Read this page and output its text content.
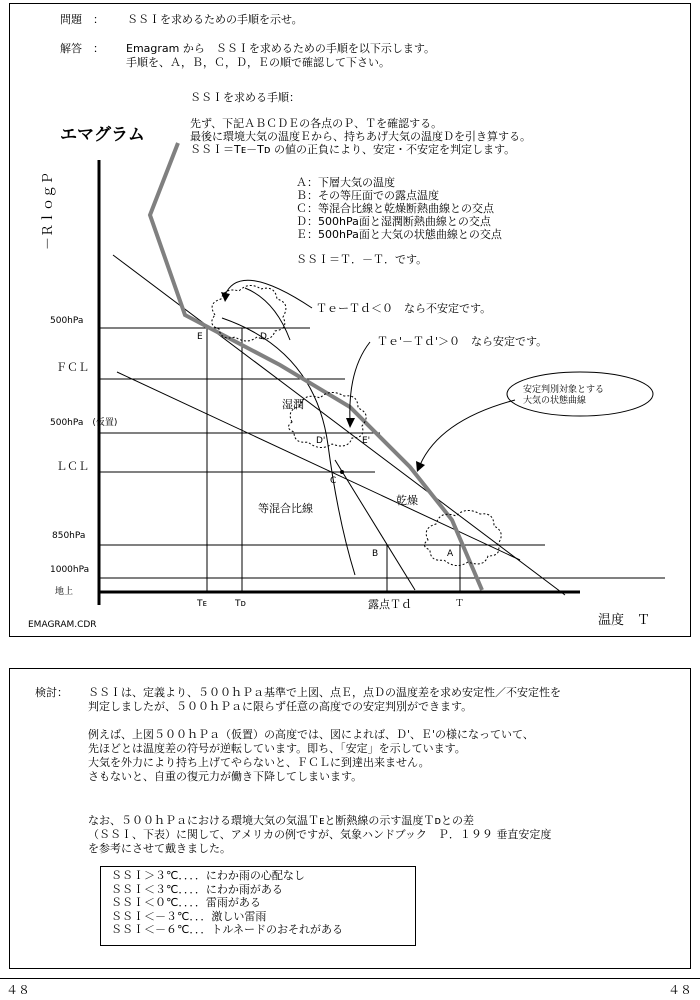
問題　： ＳＳＩを求めるための手順を示せ。
解答　： Emagram から　ＳＳＩを求めるための手順を以下示します。
手順を、Ａ，Ｂ，Ｃ，Ｄ，Ｅの順で確認して下さい。
ＳＳＩを求める手順：
先ず、下記ＡＢＣＤＥの各点のＰ、Ｔを確認する。
最後に環境大気の温度Ｅから、持ちあげ大気の温度Ｄを引き算する。
ＳＳＩ＝Tᴇ－Tᴅ の値の正負により、安定・不安定を判定します。
Ａ：下層大気の温度
Ｂ：その等圧面での露点温度
Ｃ：等混合比線と乾燥断熱曲線との交点
Ｄ：500hPa面と湿潤断熱曲線との交点
Ｅ：500hPa面と大気の状態曲線との交点
ＳＳＩ＝Ｔ．－Ｔ．です。
エマグラム
－ＲｌｏｇＰ
500hPa
ＦＣＬ
500hPa　(仮置)
ＬＣＬ
850hPa
1000hPa
地上
Tᴇ	Tᴅ	露点Ｔｄ	Ｔ
温度　Ｔ
E	D
D'	E'
C
B	A
ＴｅーＴｄ＜０　なら不安定です。
Ｔｅ'－Ｔｄ'＞０　なら安定です。
安定判別対象とする
大気の状態曲線
湿潤
乾燥
等混合比線
EMAGRAM.CDR
検討： ＳＳＩは、定義より、５００ｈＰａ基準で上図、点Ｅ，点Ｄの温度差を求め安定性／不安定性を
判定しましたが、５００ｈＰａに限らず任意の高度での安定判別ができます。
例えば、上図５００ｈＰａ（仮置）の高度では、図によれば、Ｄ'、Ｅ'の様になっていて、
先ほどとは温度差の符号が逆転しています。即ち、「安定」を示しています。
大気を外力により持ち上げてやらないと、ＦＣＬに到達出来ません。
さもないと、自重の復元力が働き下降してしまいます。
なお、５００ｈＰａにおける環境大気の気温Ｔᴇと断熱線の示す温度Ｔᴅとの差
（ＳＳＩ、下表）に関して、アメリカの例ですが、気象ハンドブック　Ｐ．１９９ 垂直安定度
を参考にさせて戴きました。
ＳＳＩ＞３℃．．．．にわか雨の心配なし
ＳＳＩ＜３℃．．．．にわか雨がある
ＳＳＩ＜０℃．．．．雷雨がある
ＳＳＩ＜－３℃．．．激しい雷雨
ＳＳＩ＜－６℃．．．トルネードのおそれがある
４８	４８
